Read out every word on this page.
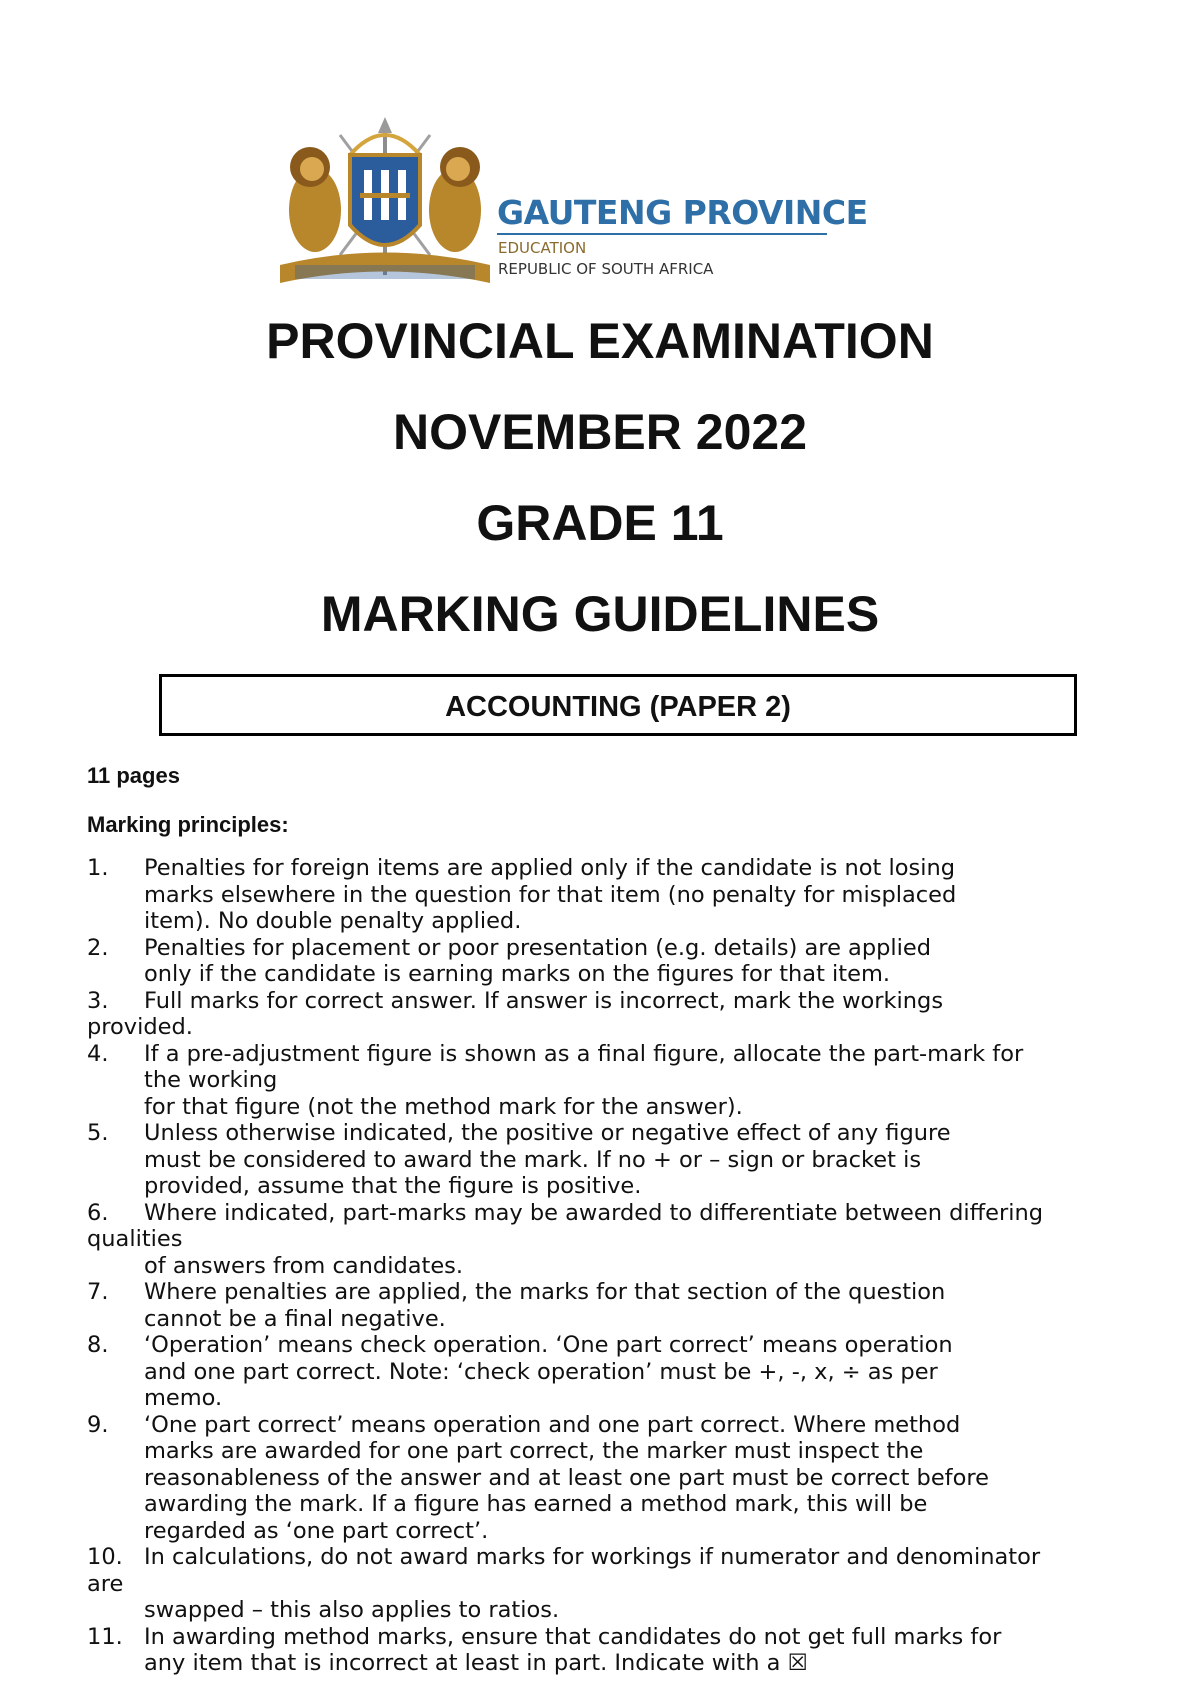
GAUTENG PROVINCE
EDUCATION
REPUBLIC OF SOUTH AFRICA
PROVINCIAL EXAMINATION
NOVEMBER 2022
GRADE 11
MARKING GUIDELINES
ACCOUNTING (PAPER 2)
11 pages
Marking principles:
1. Penalties for foreign items are applied only if the candidate is not losing
marks elsewhere in the question for that item (no penalty for misplaced
item). No double penalty applied.
2. Penalties for placement or poor presentation (e.g. details) are applied
only if the candidate is earning marks on the figures for that item.
3. Full marks for correct answer. If answer is incorrect, mark the workings
provided.
4. If a pre-adjustment figure is shown as a final figure, allocate the part-mark for
the working
for that figure (not the method mark for the answer).
5. Unless otherwise indicated, the positive or negative effect of any figure
must be considered to award the mark. If no + or – sign or bracket is
provided, assume that the figure is positive.
6. Where indicated, part-marks may be awarded to differentiate between differing
qualities
of answers from candidates.
7. Where penalties are applied, the marks for that section of the question
cannot be a final negative.
8. ‘Operation’ means check operation. ‘One part correct’ means operation
and one part correct. Note: ‘check operation’ must be +, -, x, ÷ as per
memo.
9. ‘One part correct’ means operation and one part correct. Where method
marks are awarded for one part correct, the marker must inspect the
reasonableness of the answer and at least one part must be correct before
awarding the mark. If a figure has earned a method mark, this will be
regarded as ‘one part correct’.
10. In calculations, do not award marks for workings if numerator and denominator
are
swapped – this also applies to ratios.
11. In awarding method marks, ensure that candidates do not get full marks for
any item that is incorrect at least in part. Indicate with a ☒
